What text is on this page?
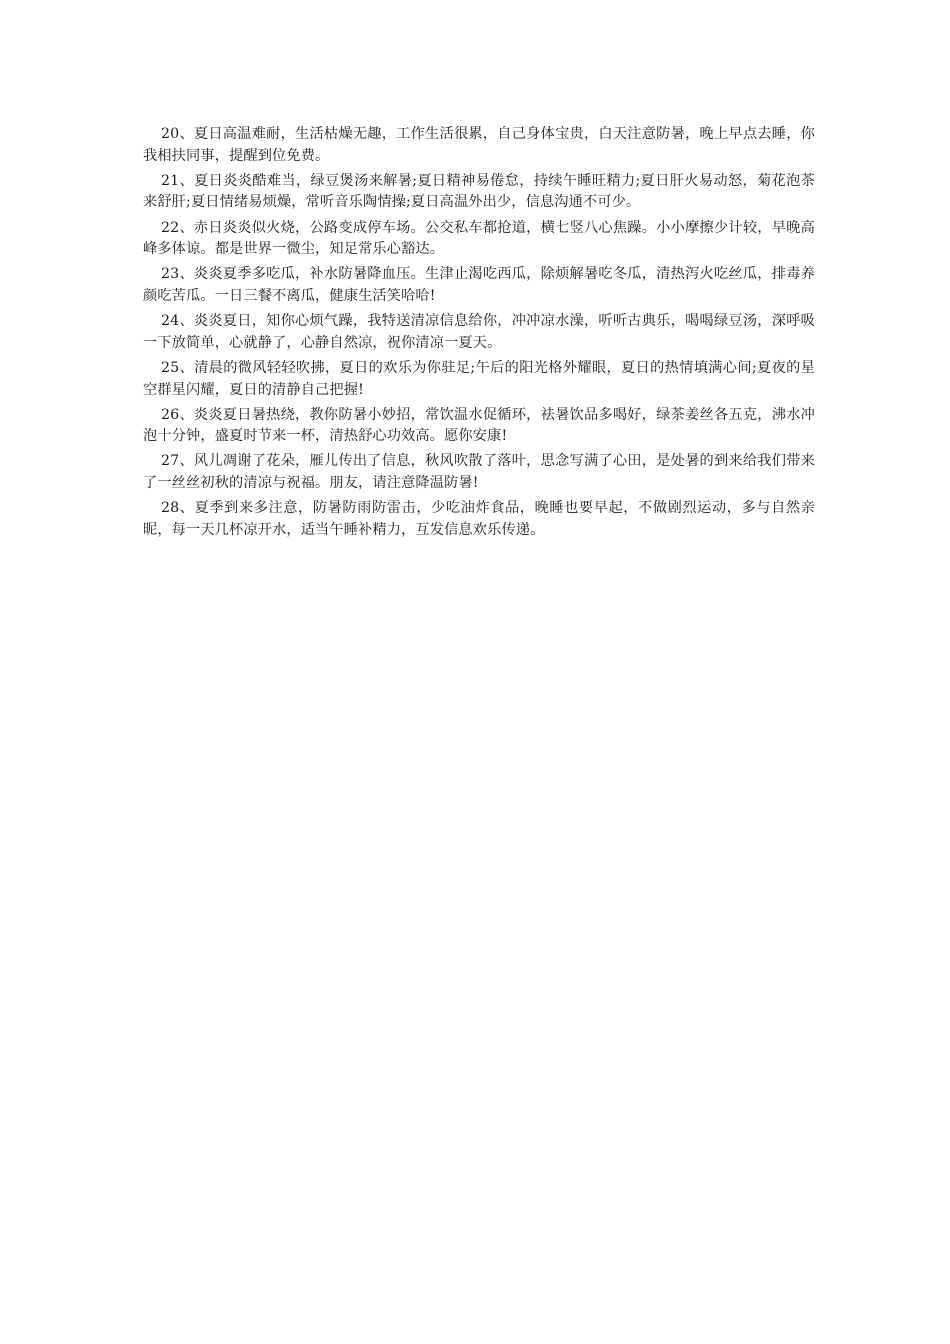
20、夏日高温难耐，生活枯燥无趣，工作生活很累，自己身体宝贵，白天注意防暑，晚上早点去睡，你我相扶同事，提醒到位免费。

21、夏日炎炎酷难当，绿豆煲汤来解暑;夏日精神易倦怠，持续午睡旺精力;夏日肝火易动怒，菊花泡茶来舒肝;夏日情绪易烦燥，常听音乐陶情操;夏日高温外出少，信息沟通不可少。

22、赤日炎炎似火烧，公路变成停车场。公交私车都抢道，横七竖八心焦躁。小小摩擦少计较，早晚高峰多体谅。都是世界一微尘，知足常乐心豁达。

23、炎炎夏季多吃瓜，补水防暑降血压。生津止渴吃西瓜，除烦解暑吃冬瓜，清热泻火吃丝瓜，排毒养颜吃苦瓜。一日三餐不离瓜，健康生活笑哈哈!

24、炎炎夏日，知你心烦气躁，我特送清凉信息给你，冲冲凉水澡，听听古典乐，喝喝绿豆汤，深呼吸一下放简单，心就静了，心静自然凉，祝你清凉一夏天。

25、清晨的微风轻轻吹拂，夏日的欢乐为你驻足;午后的阳光格外耀眼，夏日的热情填满心间;夏夜的星空群星闪耀，夏日的清静自己把握!

26、炎炎夏日暑热绕，教你防暑小妙招，常饮温水促循环，祛暑饮品多喝好，绿茶姜丝各五克，沸水冲泡十分钟，盛夏时节来一杯，清热舒心功效高。愿你安康!

27、风儿凋谢了花朵，雁儿传出了信息，秋风吹散了落叶，思念写满了心田，是处暑的到来给我们带来了一丝丝初秋的清凉与祝福。朋友，请注意降温防暑!

28、夏季到来多注意，防暑防雨防雷击，少吃油炸食品，晚睡也要早起，不做剧烈运动，多与自然亲昵，每一天几杯凉开水，适当午睡补精力，互发信息欢乐传递。
